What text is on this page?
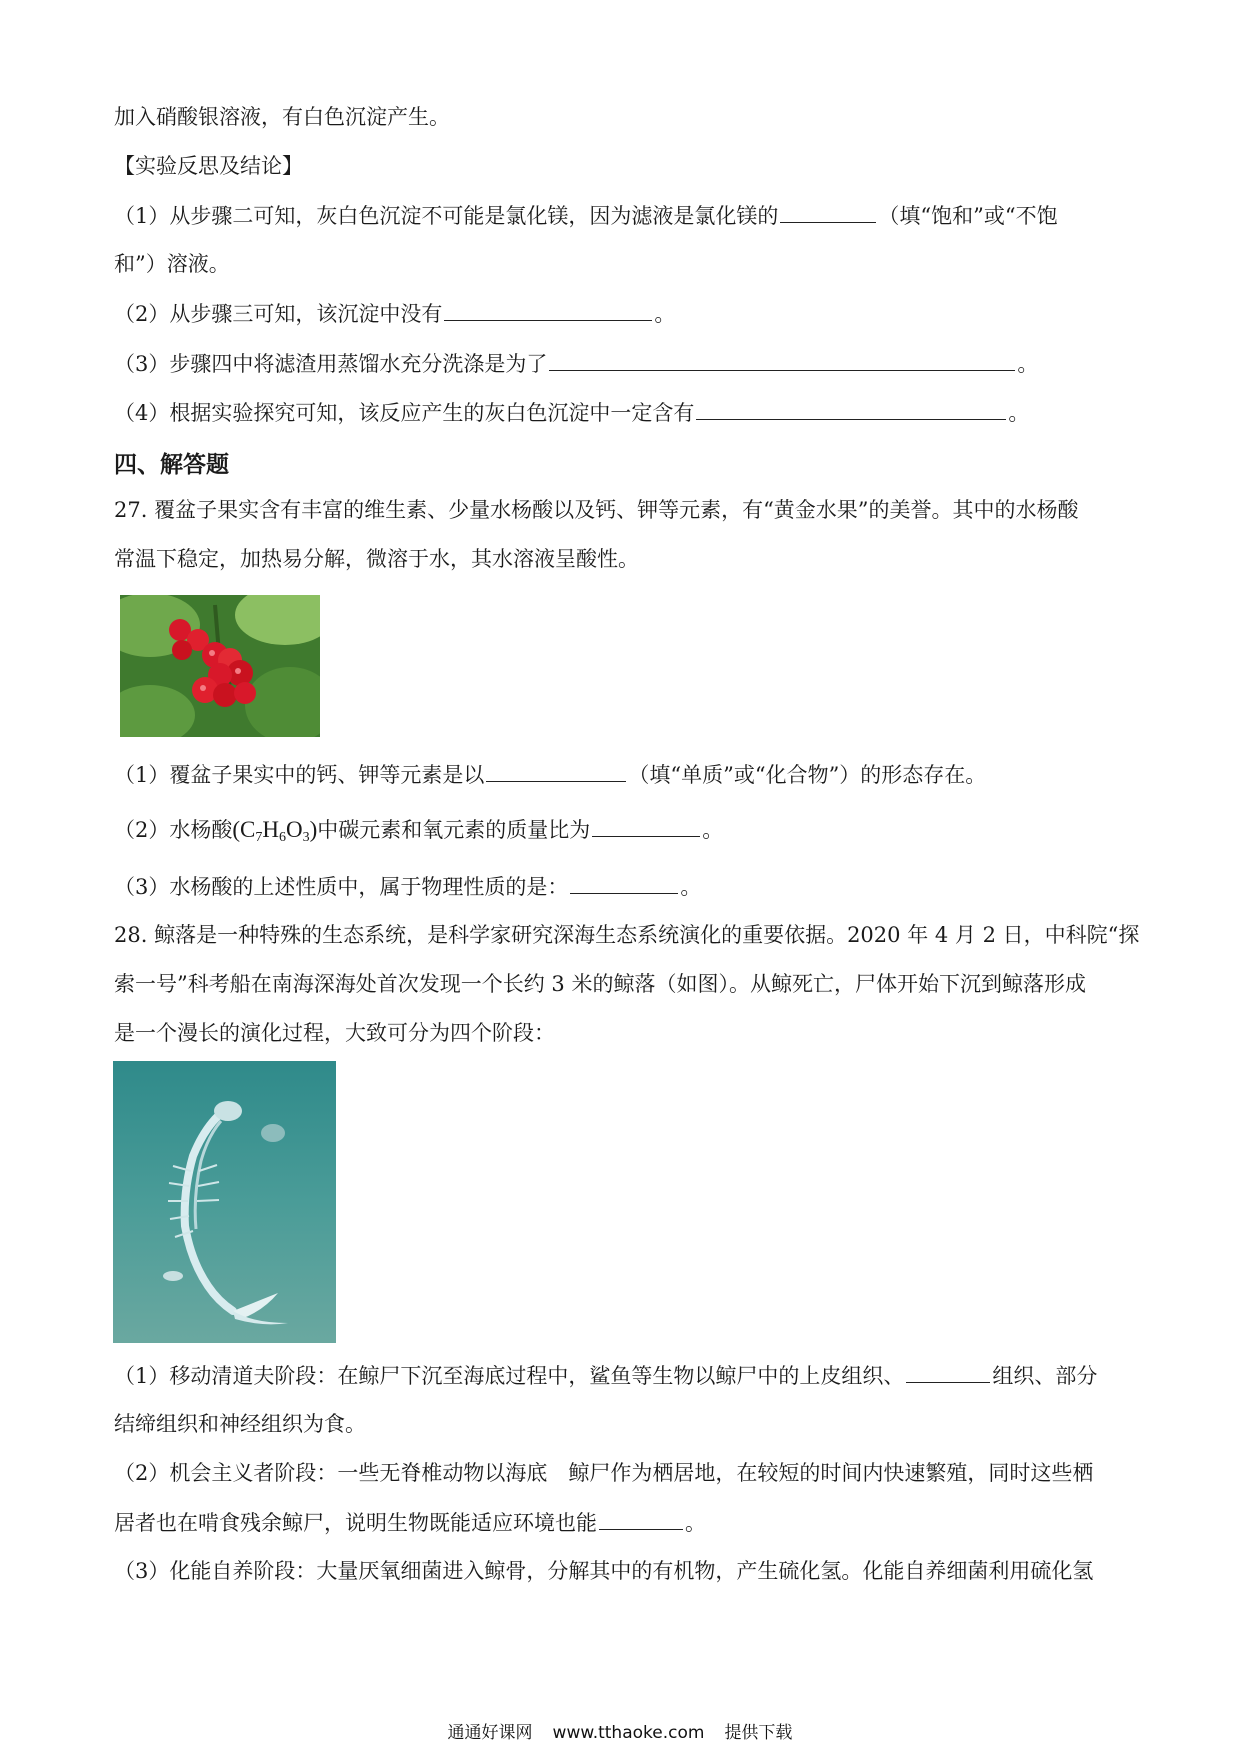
加入硝酸银溶液，有白色沉淀产生。
【实验反思及结论】
（1）从步骤二可知，灰白色沉淀不可能是氯化镁，因为滤液是氯化镁的	（填“饱和”或“不饱
和”）溶液。
（2）从步骤三可知，该沉淀中没有	。
（3）步骤四中将滤渣用蒸馏水充分洗涤是为了	。
（4）根据实验探究可知，该反应产生的灰白色沉淀中一定含有	。
四、解答题
27. 覆盆子果实含有丰富的维生素、少量水杨酸以及钙、钾等元素，有“黄金水果”的美誉。其中的水杨酸
常温下稳定，加热易分解，微溶于水，其水溶液呈酸性。
（1）覆盆子果实中的钙、钾等元素是以	（填“单质”或“化合物”）的形态存在。
（2）水杨酸$(C_7H_6O_3)$中碳元素和氧元素的质量比为	。
（3）水杨酸的上述性质中，属于物理性质的是：	。
28. 鲸落是一种特殊的生态系统，是科学家研究深海生态系统演化的重要依据。2020 年 4 月 2 日，中科院“探
索一号”科考船在南海深海处首次发现一个长约 3 米的鲸落（如图）。从鲸死亡，尸体开始下沉到鲸落形成
是一个漫长的演化过程，大致可分为四个阶段：
（1）移动清道夫阶段：在鲸尸下沉至海底过程中，鲨鱼等生物以鲸尸中的上皮组织、	组织、部分
结缔组织和神经组织为食。
（2）机会主义者阶段：一些无脊椎动物以海底　鲸尸作为栖居地，在较短的时间内快速繁殖，同时这些栖
居者也在啃食残余鲸尸，说明生物既能适应环境也能	。
（3）化能自养阶段：大量厌氧细菌进入鲸骨，分解其中的有机物，产生硫化氢。化能自养细菌利用硫化氢
通通好课网 www.tthaoke.com 提供下载
